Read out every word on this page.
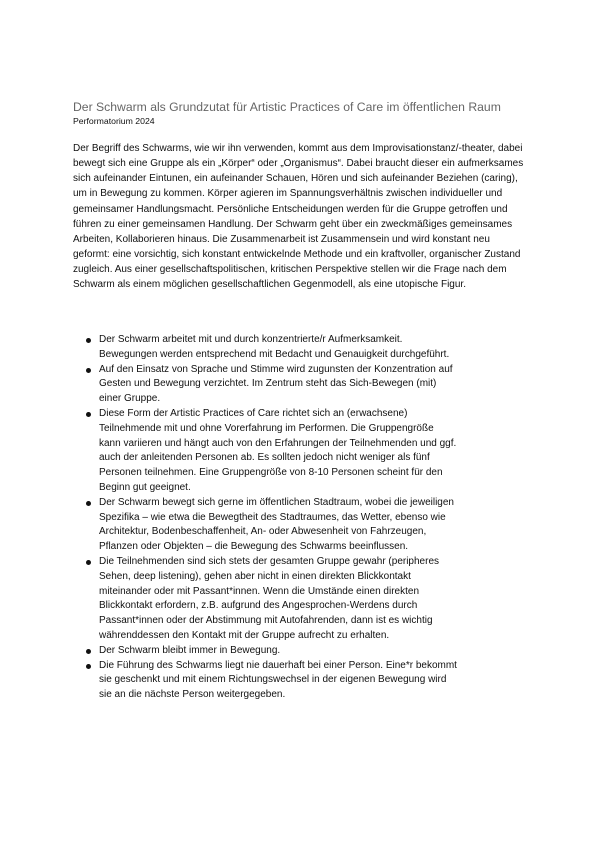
Der Schwarm als Grundzutat für Artistic Practices of Care im öffentlichen Raum
Performatorium 2024

Der Begriff des Schwarms, wie wir ihn verwenden, kommt aus dem Improvisationstanz/-theater, dabei bewegt sich eine Gruppe als ein „Körper“ oder „Organismus“. Dabei braucht dieser ein aufmerksames sich aufeinander Eintunen, ein aufeinander Schauen, Hören und sich aufeinander Beziehen (caring), um in Bewegung zu kommen. Körper agieren im Spannungsverhältnis zwischen individueller und gemeinsamer Handlungsmacht. Persönliche Entscheidungen werden für die Gruppe getroffen und führen zu einer gemeinsamen Handlung. Der Schwarm geht über ein zweckmäßiges gemeinsames Arbeiten, Kollaborieren hinaus. Die Zusammenarbeit ist Zusammensein und wird konstant neu geformt: eine vorsichtig, sich konstant entwickelnde Methode und ein kraftvoller, organischer Zustand zugleich. Aus einer gesellschaftspolitischen, kritischen Perspektive stellen wir die Frage nach dem Schwarm als einem möglichen gesellschaftlichen Gegenmodell, als eine utopische Figur.

Der Schwarm arbeitet mit und durch konzentrierte/r Aufmerksamkeit. Bewegungen werden entsprechend mit Bedacht und Genauigkeit durchgeführt.
Auf den Einsatz von Sprache und Stimme wird zugunsten der Konzentration auf Gesten und Bewegung verzichtet. Im Zentrum steht das Sich-Bewegen (mit) einer Gruppe.
Diese Form der Artistic Practices of Care richtet sich an (erwachsene) Teilnehmende mit und ohne Vorerfahrung im Performen. Die Gruppengröße kann variieren und hängt auch von den Erfahrungen der Teilnehmenden und ggf. auch der anleitenden Personen ab. Es sollten jedoch nicht weniger als fünf Personen teilnehmen. Eine Gruppengröße von 8-10 Personen scheint für den Beginn gut geeignet.
Der Schwarm bewegt sich gerne im öffentlichen Stadtraum, wobei die jeweiligen Spezifika – wie etwa die Bewegtheit des Stadtraumes, das Wetter, ebenso wie Architektur, Bodenbeschaffenheit, An- oder Abwesenheit von Fahrzeugen, Pflanzen oder Objekten – die Bewegung des Schwarms beeinflussen.
Die Teilnehmenden sind sich stets der gesamten Gruppe gewahr (peripheres Sehen, deep listening), gehen aber nicht in einen direkten Blickkontakt miteinander oder mit Passant*innen. Wenn die Umstände einen direkten Blickkontakt erfordern, z.B. aufgrund des Angesprochen-Werdens durch Passant*innen oder der Abstimmung mit Autofahrenden, dann ist es wichtig währenddessen den Kontakt mit der Gruppe aufrecht zu erhalten.
Der Schwarm bleibt immer in Bewegung.
Die Führung des Schwarms liegt nie dauerhaft bei einer Person. Eine*r bekommt sie geschenkt und mit einem Richtungswechsel in der eigenen Bewegung wird sie an die nächste Person weitergegeben.
